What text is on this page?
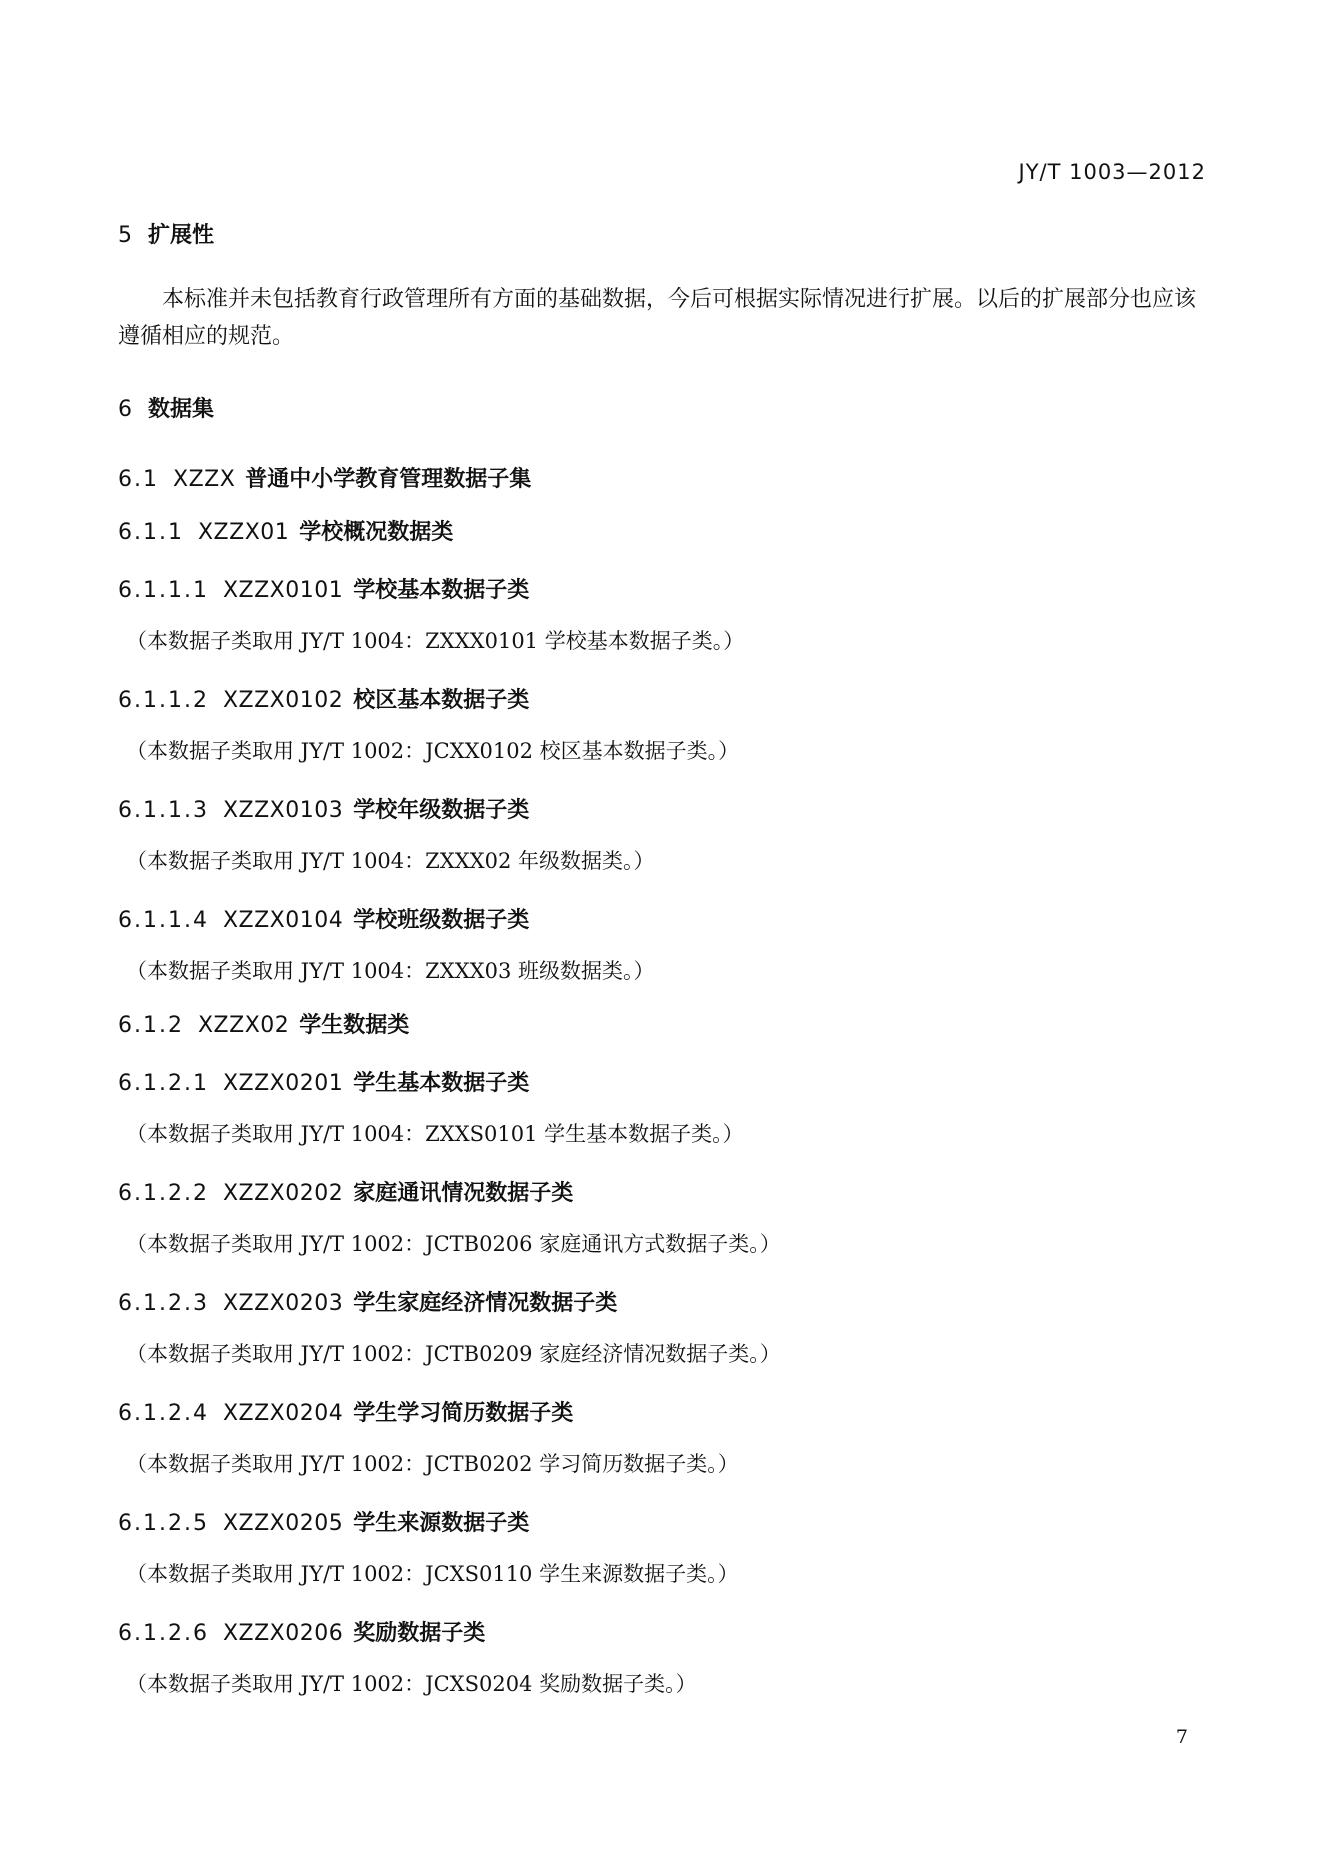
JY/T 1003—2012
5 扩展性

本标准并未包括教育行政管理所有方面的基础数据，今后可根据实际情况进行扩展。以后的扩展部分也应该遵循相应的规范。

6 数据集
6.1 XZZX 普通中小学教育管理数据子集
6.1.1 XZZX01 学校概况数据类
6.1.1.1 XZZX0101 学校基本数据子类
（本数据子类取用 JY/T 1004：ZXXX0101 学校基本数据子类。）
6.1.1.2 XZZX0102 校区基本数据子类
（本数据子类取用 JY/T 1002：JCXX0102 校区基本数据子类。）
6.1.1.3 XZZX0103 学校年级数据子类
（本数据子类取用 JY/T 1004：ZXXX02 年级数据类。）
6.1.1.4 XZZX0104 学校班级数据子类
（本数据子类取用 JY/T 1004：ZXXX03 班级数据类。）
6.1.2 XZZX02 学生数据类
6.1.2.1 XZZX0201 学生基本数据子类
（本数据子类取用 JY/T 1004：ZXXS0101 学生基本数据子类。）
6.1.2.2 XZZX0202 家庭通讯情况数据子类
（本数据子类取用 JY/T 1002：JCTB0206 家庭通讯方式数据子类。）
6.1.2.3 XZZX0203 学生家庭经济情况数据子类
（本数据子类取用 JY/T 1002：JCTB0209 家庭经济情况数据子类。）
6.1.2.4 XZZX0204 学生学习简历数据子类
（本数据子类取用 JY/T 1002：JCTB0202 学习简历数据子类。）
6.1.2.5 XZZX0205 学生来源数据子类
（本数据子类取用 JY/T 1002：JCXS0110 学生来源数据子类。）
6.1.2.6 XZZX0206 奖励数据子类
（本数据子类取用 JY/T 1002：JCXS0204 奖励数据子类。）
7
